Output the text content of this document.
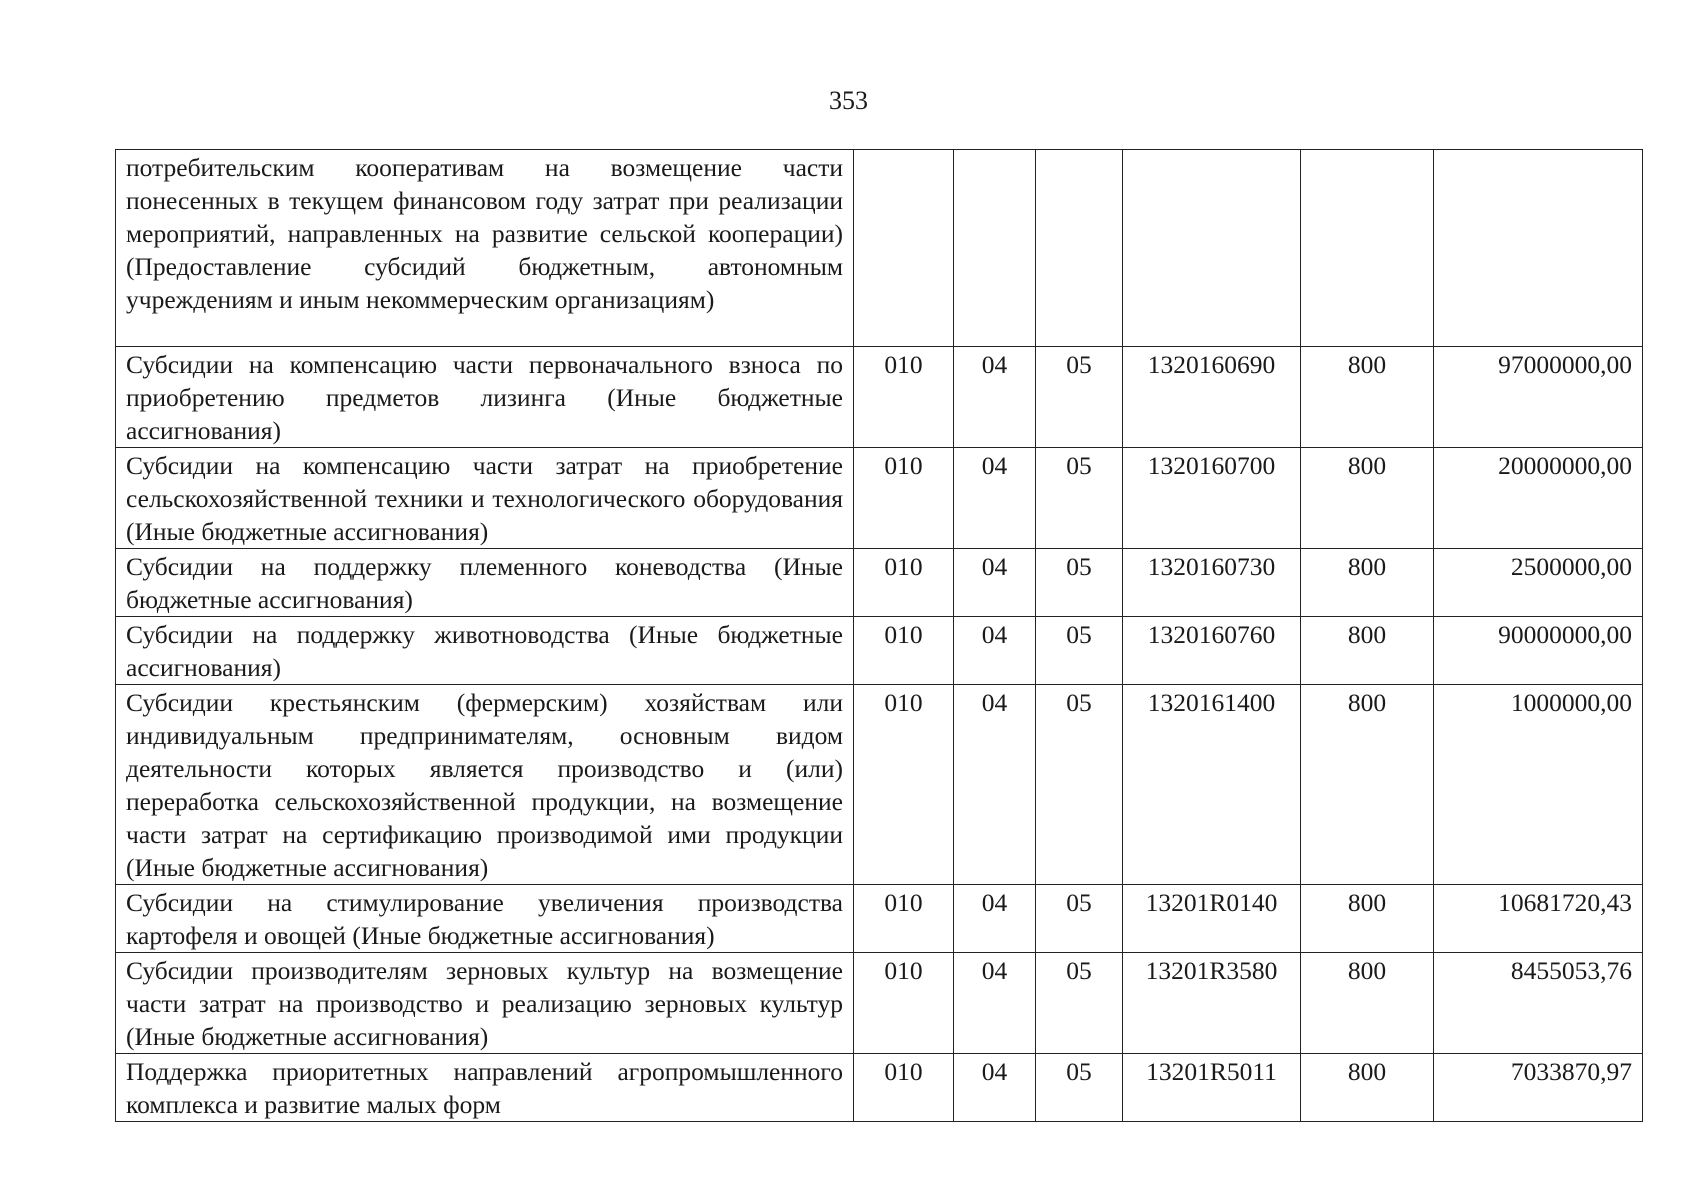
353
потребительским кооперативам на возмещение части понесенных в текущем финансовом году затрат при реализации мероприятий, направленных на развитие сельской кооперации) (Предоставление субсидий бюджетным, автономным учреждениям и иным некоммерческим организациям)						
Субсидии на компенсацию части первоначального взноса по приобретению предметов лизинга (Иные бюджетные ассигнования)	010	04	05	1320160690	800	97000000,00
Субсидии на компенсацию части затрат на приобретение сельскохозяйственной техники и технологического оборудования (Иные бюджетные ассигнования)	010	04	05	1320160700	800	20000000,00
Субсидии на поддержку племенного коневодства (Иные бюджетные ассигнования)	010	04	05	1320160730	800	2500000,00
Субсидии на поддержку животноводства (Иные бюджетные ассигнования)	010	04	05	1320160760	800	90000000,00
Субсидии крестьянским (фермерским) хозяйствам или индивидуальным предпринимателям, основным видом деятельности которых является производство и (или) переработка сельскохозяйственной продукции, на возмещение части затрат на сертификацию производимой ими продукции (Иные бюджетные ассигнования)	010	04	05	1320161400	800	1000000,00
Субсидии на стимулирование увеличения производства картофеля и овощей (Иные бюджетные ассигнования)	010	04	05	13201R0140	800	10681720,43
Субсидии производителям зерновых культур на возмещение части затрат на производство и реализацию зерновых культур (Иные бюджетные ассигнования)	010	04	05	13201R3580	800	8455053,76
Поддержка приоритетных направлений агропромышленного комплекса и развитие малых форм	010	04	05	13201R5011	800	7033870,97
